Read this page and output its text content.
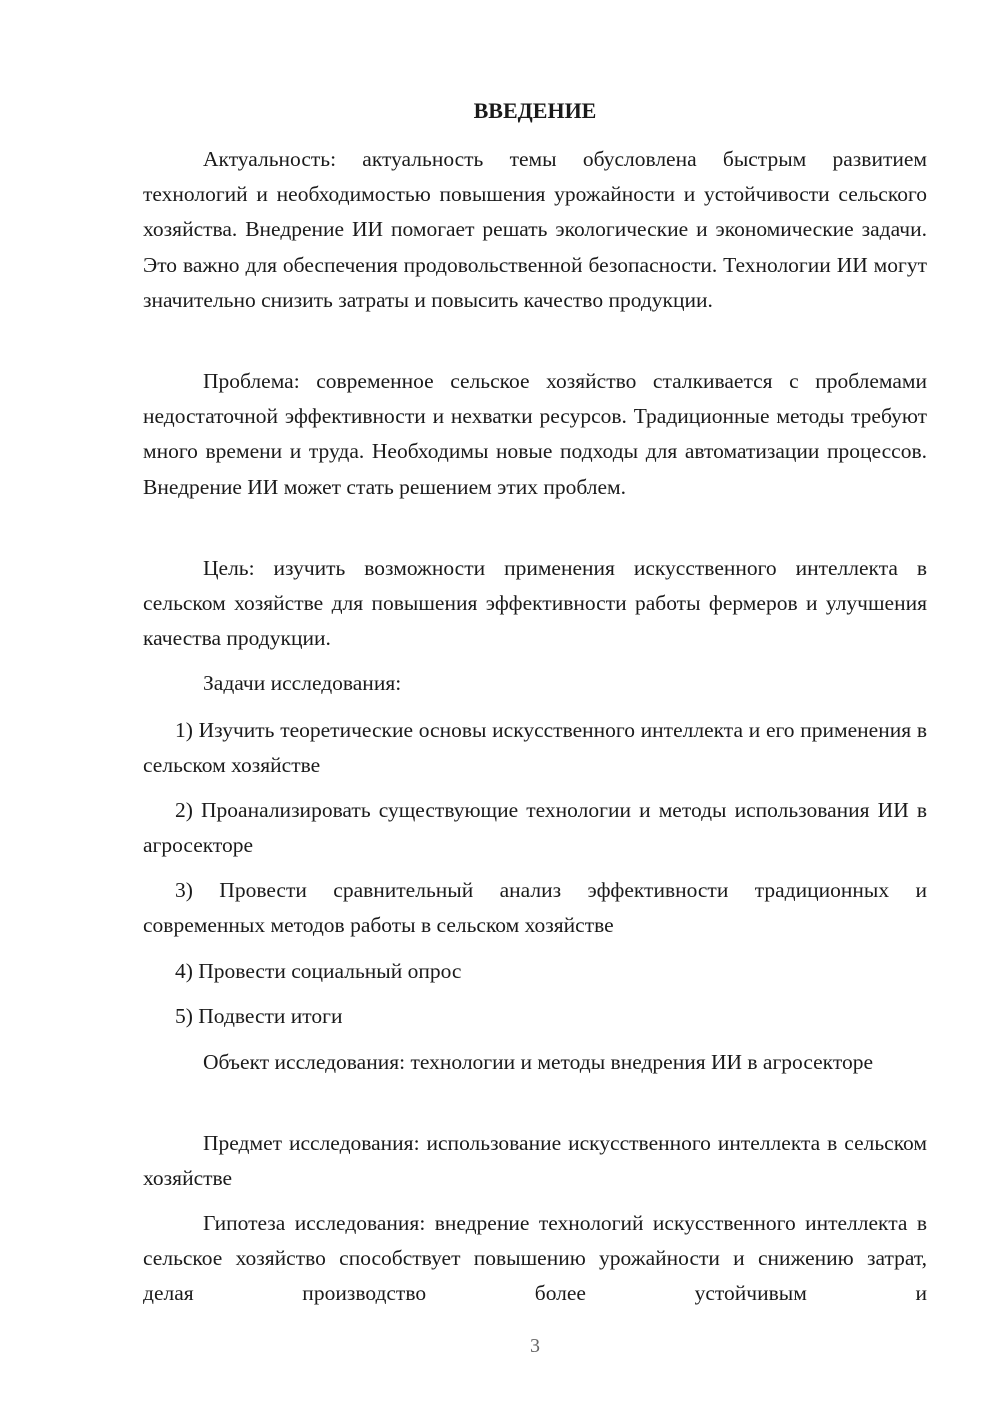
ВВЕДЕНИЕ

Актуальность: актуальность темы обусловлена быстрым развитием технологий и необходимостью повышения урожайности и устойчивости сельского хозяйства. Внедрение ИИ помогает решать экологические и экономические задачи. Это важно для обеспечения продовольственной безопасности. Технологии ИИ могут значительно снизить затраты и повысить качество продукции.

Проблема: современное сельское хозяйство сталкивается с проблемами недостаточной эффективности и нехватки ресурсов. Традиционные методы требуют много времени и труда. Необходимы новые подходы для автоматизации процессов. Внедрение ИИ может стать решением этих проблем.

Цель: изучить возможности применения искусственного интеллекта в сельском хозяйстве для повышения эффективности работы фермеров и улучшения качества продукции.

Задачи исследования:

1) Изучить теоретические основы искусственного интеллекта и его применения в сельском хозяйстве

2) Проанализировать существующие технологии и методы использования ИИ в агросекторе

3) Провести сравнительный анализ эффективности традиционных и современных методов работы в сельском хозяйстве

4) Провести социальный опрос

5) Подвести итоги

Объект исследования: технологии и методы внедрения ИИ в агросекторе

Предмет исследования: использование искусственного интеллекта в сельском хозяйстве

Гипотеза исследования: внедрение технологий искусственного интеллекта в сельское хозяйство способствует повышению урожайности и снижению затрат, делая производство более устойчивым и

3
